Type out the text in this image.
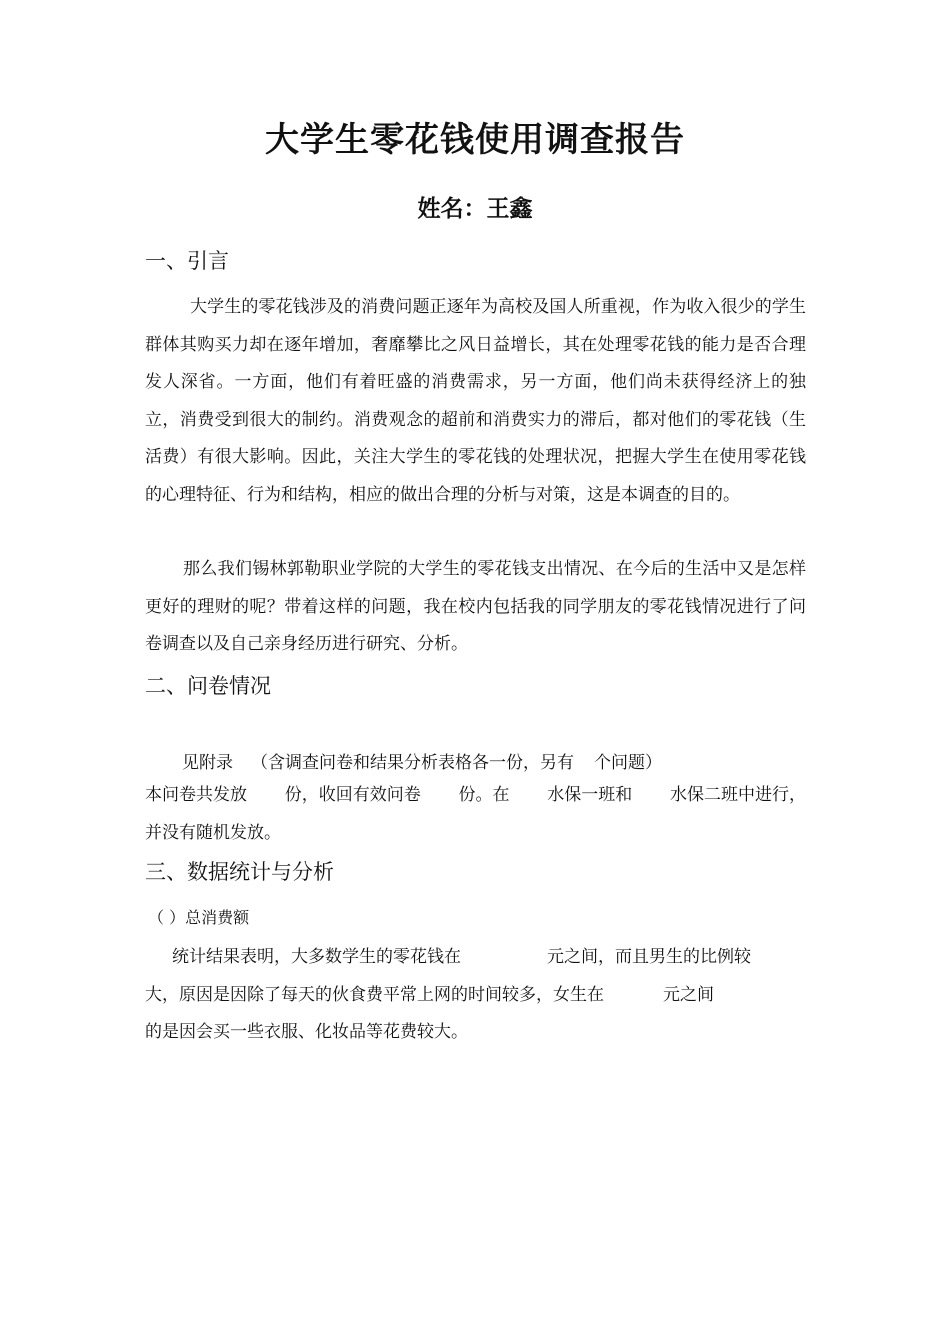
大学生零花钱使用调查报告
姓名：王鑫
一、引言

大学生的零花钱涉及的消费问题正逐年为高校及国人所重视，作为收入很少的学生群体其购买力却在逐年增加，奢靡攀比之风日益增长，其在处理零花钱的能力是否合理发人深省。一方面，他们有着旺盛的消费需求，另一方面，他们尚未获得经济上的独立，消费受到很大的制约。消费观念的超前和消费实力的滞后，都对他们的零花钱（生活费）有很大影响。因此，关注大学生的零花钱的处理状况，把握大学生在使用零花钱的心理特征、行为和结构，相应的做出合理的分析与对策，这是本调查的目的。

那么我们锡林郭勒职业学院的大学生的零花钱支出情况、在今后的生活中又是怎样更好的理财的呢？带着这样的问题，我在校内包括我的同学朋友的零花钱情况进行了问卷调查以及自己亲身经历进行研究、分析。

二、问卷情况
见附录 （含调查问卷和结果分析表格各一份，另有 个问题）
本问卷共发放 份，收回有效问卷 份。在 水保一班和 水保二班中进行，
并没有随机发放。
三、数据统计与分析
（ ）总消费额
统计结果表明，大多数学生的零花钱在	元之间，而且男生的比例较
大，原因是因除了每天的伙食费平常上网的时间较多，女生在	元之间
的是因会买一些衣服、化妆品等花费较大。
